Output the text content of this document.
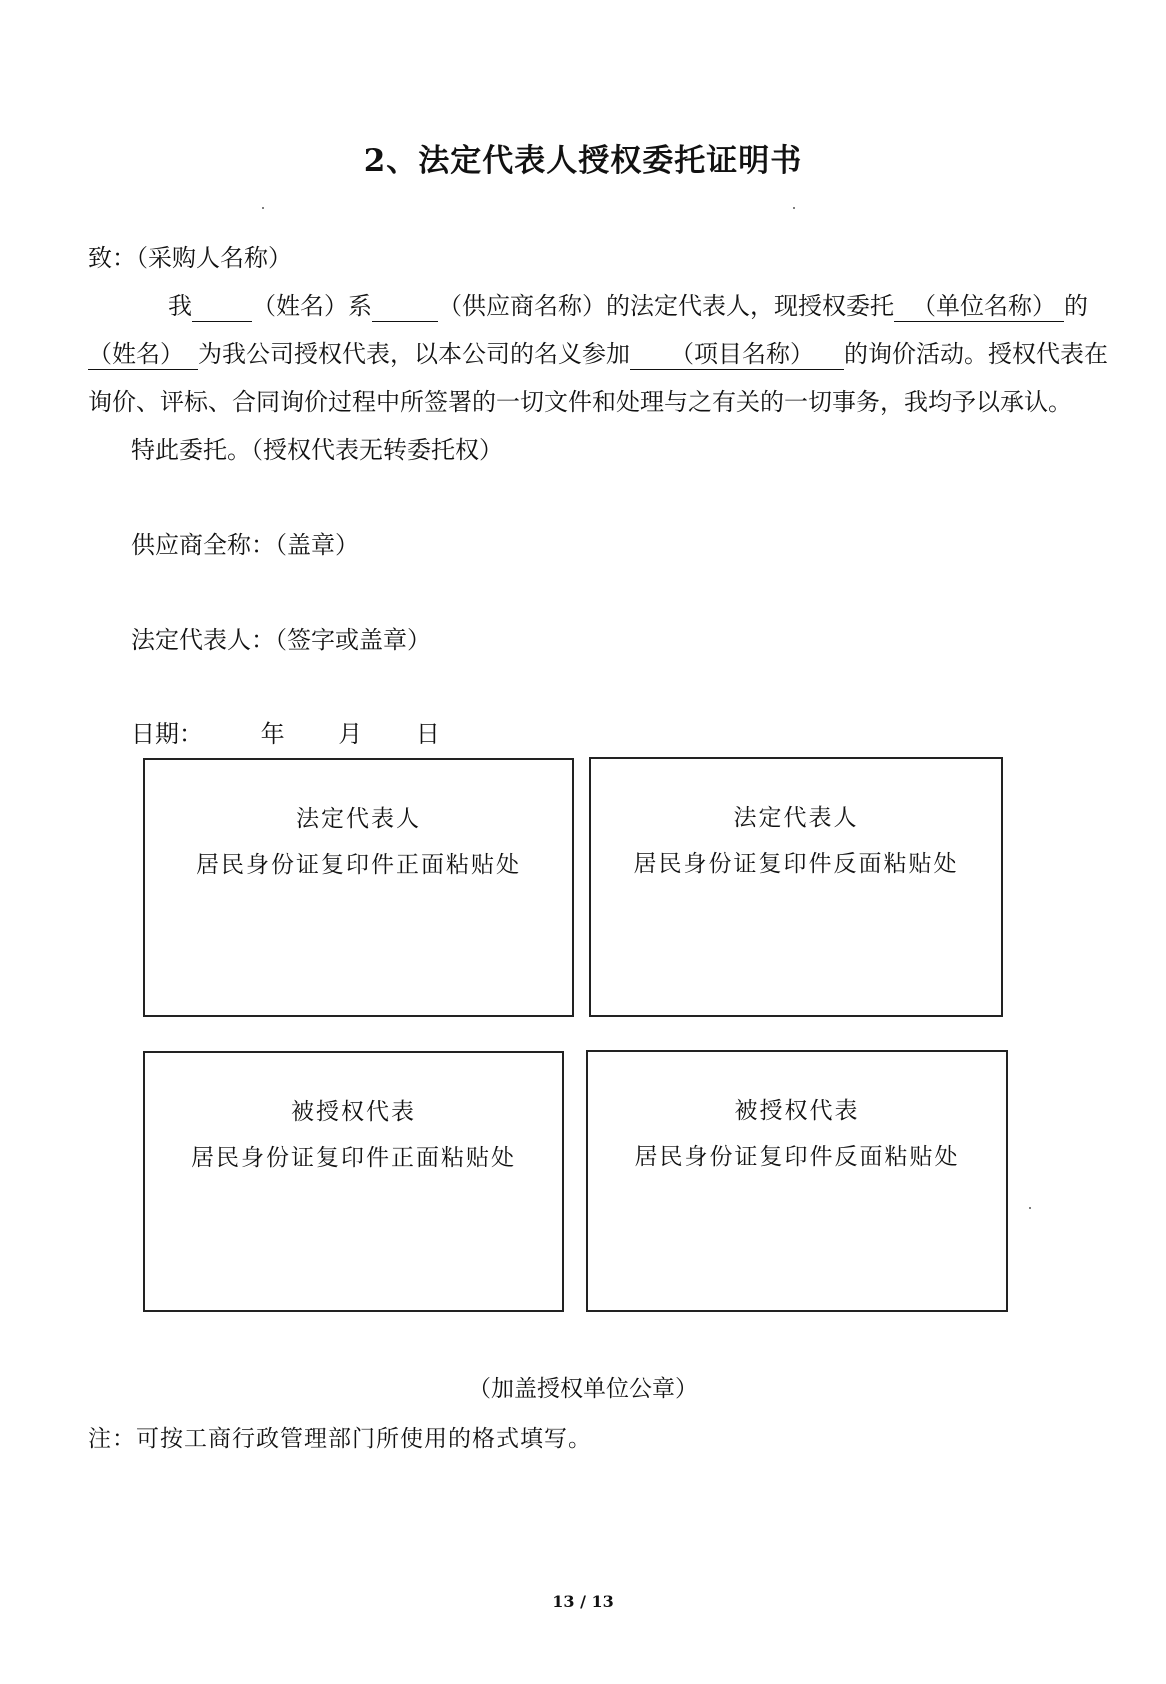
2、法定代表人授权委托证明书
致：（采购人名称）
我	（姓名）系	（供应商名称）的法定代表人，现授权委托 （单位名称） 的
（姓名） 为我公司授权代表，以本公司的名义参加 （项目名称） 的询价活动。授权代表在
询价、评标、合同询价过程中所签署的一切文件和处理与之有关的一切事务，我均予以承认。
特此委托。（授权代表无转委托权）
供应商全称：（盖章）
法定代表人：（签字或盖章）
日期： 年 月 日
法定代表人
居民身份证复印件正面粘贴处
法定代表人
居民身份证复印件反面粘贴处
被授权代表
居民身份证复印件正面粘贴处
被授权代表
居民身份证复印件反面粘贴处
（加盖授权单位公章）
注：可按工商行政管理部门所使用的格式填写。
13 / 13
